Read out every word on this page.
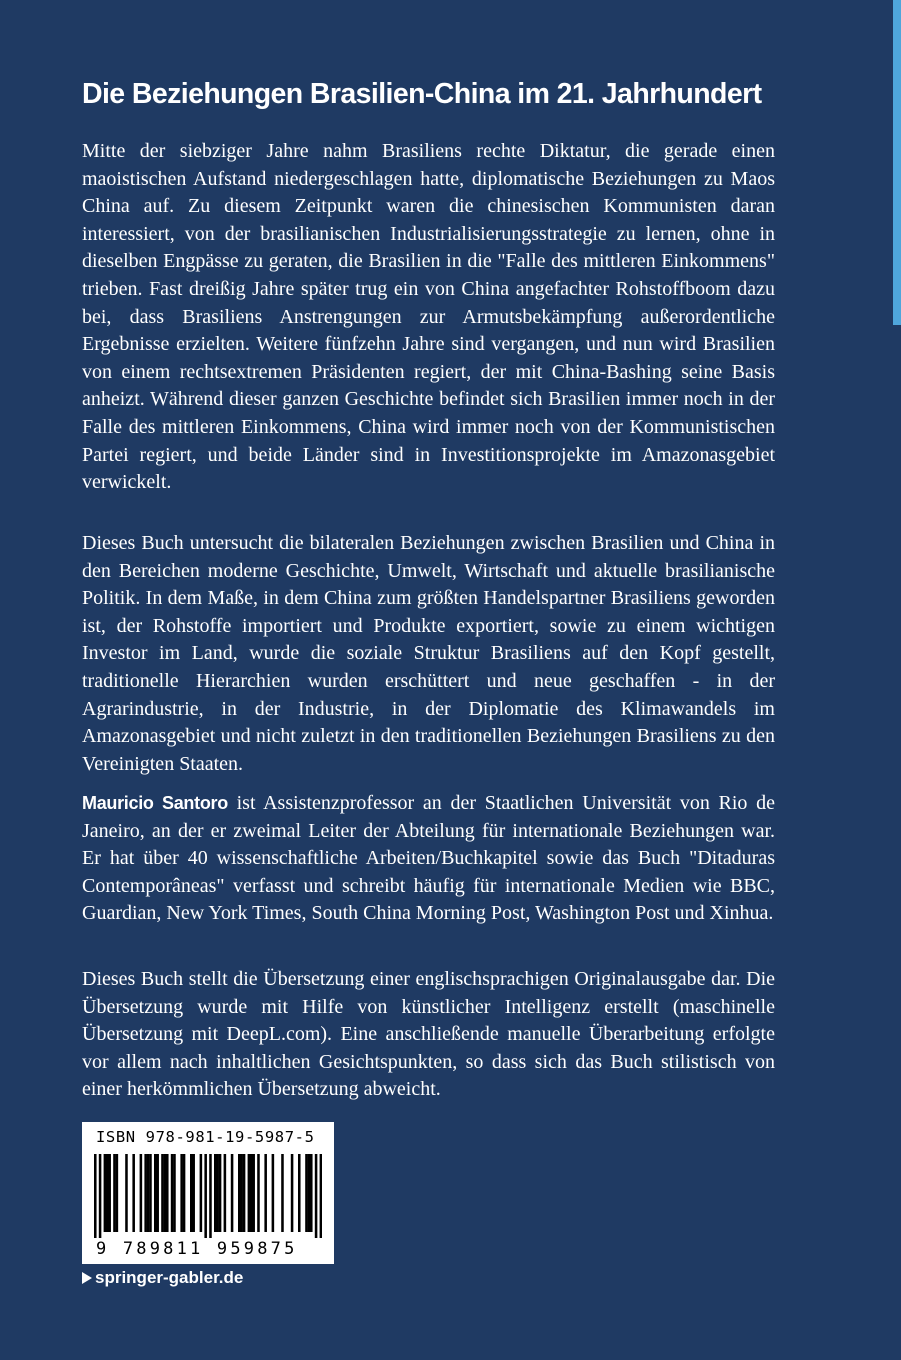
Die Beziehungen Brasilien-China im 21. Jahrhundert
Mitte der siebziger Jahre nahm Brasiliens rechte Diktatur, die gerade einen maoistischen Aufstand niedergeschlagen hatte, diplomatische Beziehungen zu Maos China auf. Zu diesem Zeitpunkt waren die chinesischen Kommunisten daran interessiert, von der brasilianischen Industrialisierungsstrategie zu lernen, ohne in dieselben Engpässe zu geraten, die Brasilien in die "Falle des mittleren Einkommens" trieben. Fast dreißig Jahre später trug ein von China angefachter Rohstoffboom dazu bei, dass Brasiliens Anstrengungen zur Armutsbekämpfung außerordentliche Ergebnisse erzielten. Weitere fünfzehn Jahre sind vergangen, und nun wird Brasilien von einem rechtsextremen Präsidenten regiert, der mit China-Bashing seine Basis anheizt. Während dieser ganzen Geschichte befindet sich Brasilien immer noch in der Falle des mittleren Einkommens, China wird immer noch von der Kommunistischen Partei regiert, und beide Länder sind in Investitionsprojekte im Amazonasgebiet verwickelt.
Dieses Buch untersucht die bilateralen Beziehungen zwischen Brasilien und China in den Bereichen moderne Geschichte, Umwelt, Wirtschaft und aktuelle brasilianische Politik. In dem Maße, in dem China zum größten Handelspartner Brasiliens geworden ist, der Rohstoffe importiert und Produkte exportiert, sowie zu einem wichtigen Investor im Land, wurde die soziale Struktur Brasiliens auf den Kopf gestellt, traditionelle Hierarchien wurden erschüttert und neue geschaffen - in der Agrarindustrie, in der Industrie, in der Diplomatie des Klimawandels im Amazonasgebiet und nicht zuletzt in den traditionellen Beziehungen Brasiliens zu den Vereinigten Staaten.
Mauricio Santoro ist Assistenzprofessor an der Staatlichen Universität von Rio de Janeiro, an der er zweimal Leiter der Abteilung für internationale Beziehungen war. Er hat über 40 wissenschaftliche Arbeiten/Buchkapitel sowie das Buch "Ditaduras Contemporâneas" verfasst und schreibt häufig für internationale Medien wie BBC, Guardian, New York Times, South China Morning Post, Washington Post und Xinhua.
Dieses Buch stellt die Übersetzung einer englischsprachigen Originalausgabe dar. Die Übersetzung wurde mit Hilfe von künstlicher Intelligenz erstellt (maschinelle Übersetzung mit DeepL.com). Eine anschließende manuelle Überarbeitung erfolgte vor allem nach inhaltlichen Gesichtspunkten, so dass sich das Buch stilistisch von einer herkömmlichen Übersetzung abweicht.
ISBN 978-981-19-5987-5
9 789811 959875
springer-gabler.de
